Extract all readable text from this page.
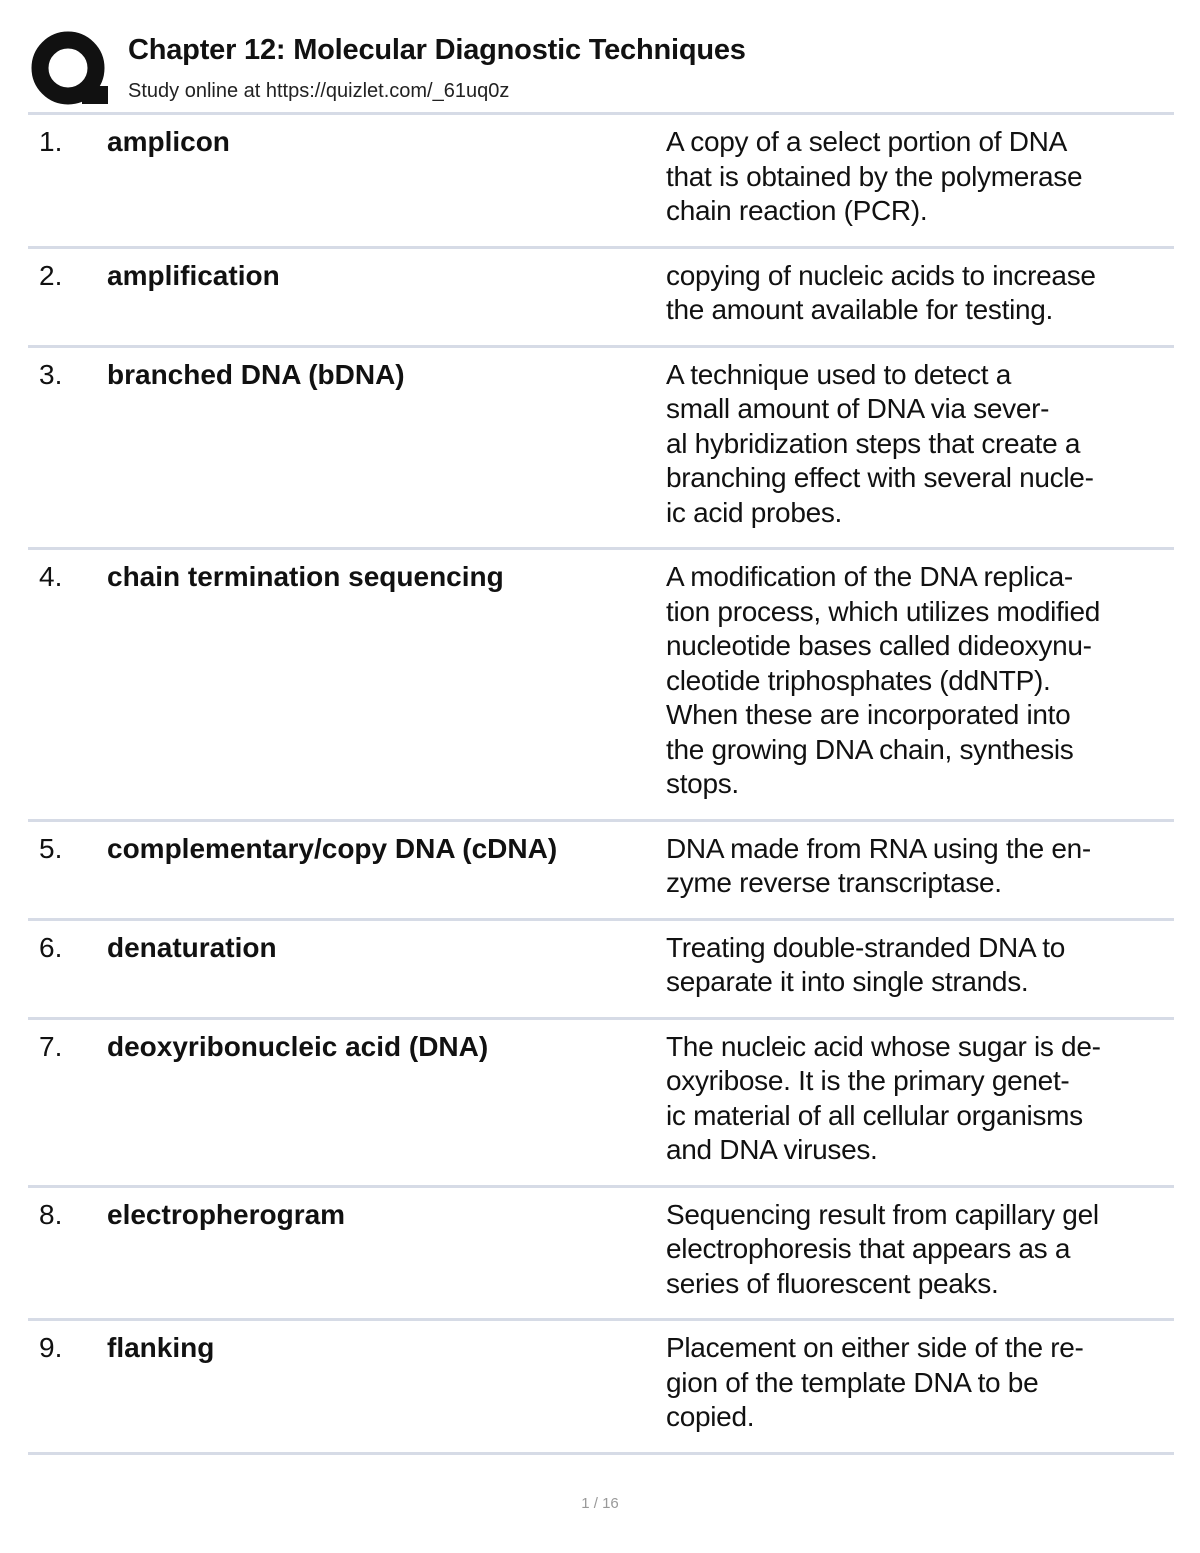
Chapter 12: Molecular Diagnostic Techniques
Study online at https://quizlet.com/_61uq0z
1. amplicon	A copy of a select portion of DNA
that is obtained by the polymerase
chain reaction (PCR).
2. amplification	copying of nucleic acids to increase
the amount available for testing.
3. branched DNA (bDNA)	A technique used to detect a
small amount of DNA via sever-
al hybridization steps that create a
branching effect with several nucle-
ic acid probes.
4. chain termination sequencing	A modification of the DNA replica-
tion process, which utilizes modified
nucleotide bases called dideoxynu-
cleotide triphosphates (ddNTP).
When these are incorporated into
the growing DNA chain, synthesis
stops.
5. complementary/copy DNA (cDNA)	DNA made from RNA using the en-
zyme reverse transcriptase.
6. denaturation	Treating double-stranded DNA to
separate it into single strands.
7. deoxyribonucleic acid (DNA)	The nucleic acid whose sugar is de-
oxyribose. It is the primary genet-
ic material of all cellular organisms
and DNA viruses.
8. electropherogram	Sequencing result from capillary gel
electrophoresis that appears as a
series of fluorescent peaks.
9. flanking	Placement on either side of the re-
gion of the template DNA to be
copied.
1 / 16
